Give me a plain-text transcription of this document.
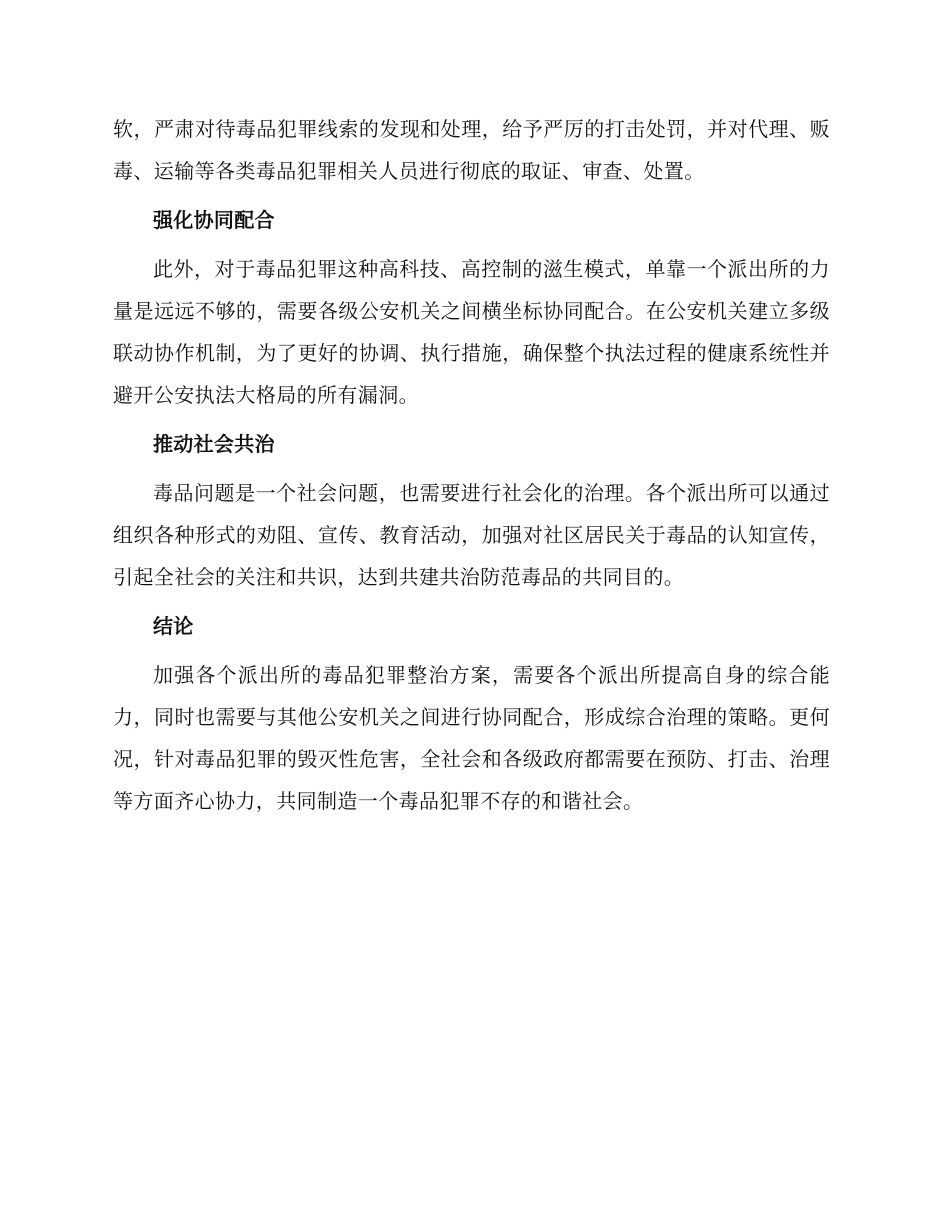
软，严肃对待毒品犯罪线索的发现和处理，给予严厉的打击处罚，并对代理、贩毒、运输等各类毒品犯罪相关人员进行彻底的取证、审查、处置。

强化协同配合

此外，对于毒品犯罪这种高科技、高控制的滋生模式，单靠一个派出所的力量是远远不够的，需要各级公安机关之间横坐标协同配合。在公安机关建立多级联动协作机制，为了更好的协调、执行措施，确保整个执法过程的健康系统性并避开公安执法大格局的所有漏洞。

推动社会共治

毒品问题是一个社会问题，也需要进行社会化的治理。各个派出所可以通过组织各种形式的劝阻、宣传、教育活动，加强对社区居民关于毒品的认知宣传，引起全社会的关注和共识，达到共建共治防范毒品的共同目的。

结论

加强各个派出所的毒品犯罪整治方案，需要各个派出所提高自身的综合能力，同时也需要与其他公安机关之间进行协同配合，形成综合治理的策略。更何况，针对毒品犯罪的毁灭性危害，全社会和各级政府都需要在预防、打击、治理等方面齐心协力，共同制造一个毒品犯罪不存的和谐社会。
